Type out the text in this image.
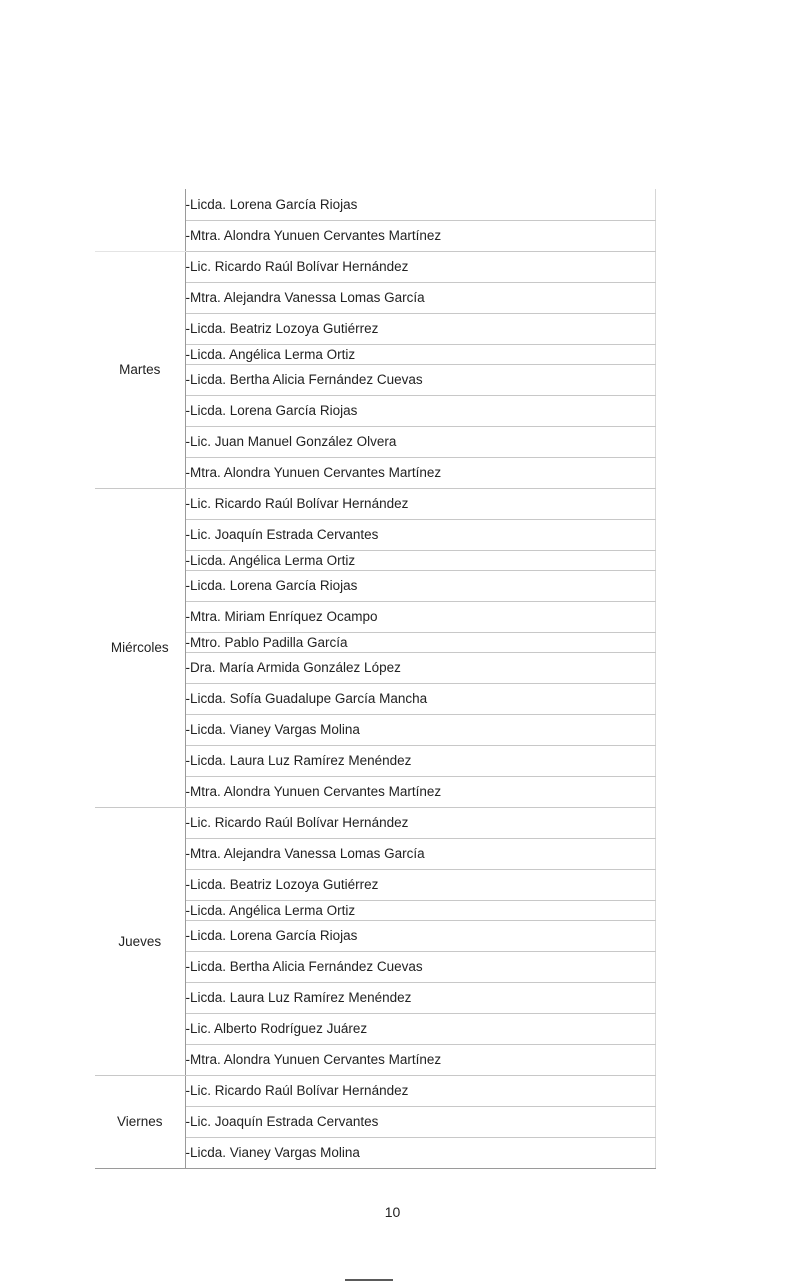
	-Licda. Lorena García Riojas
	-Mtra. Alondra Yunuen Cervantes Martínez
Martes	-Lic. Ricardo Raúl Bolívar Hernández
	-Mtra. Alejandra Vanessa Lomas García
	-Licda. Beatriz Lozoya Gutiérrez
	-Licda. Angélica Lerma Ortiz
	-Licda. Bertha Alicia Fernández Cuevas
	-Licda. Lorena García Riojas
	-Lic. Juan Manuel González Olvera
	-Mtra. Alondra Yunuen Cervantes Martínez
Miércoles	-Lic. Ricardo Raúl Bolívar Hernández
	-Lic. Joaquín Estrada Cervantes
	-Licda. Angélica Lerma Ortiz
	-Licda. Lorena García Riojas
	-Mtra. Miriam Enríquez Ocampo
	-Mtro. Pablo Padilla García
	-Dra. María Armida González López
	-Licda. Sofía Guadalupe García Mancha
	-Licda. Vianey Vargas Molina
	-Licda. Laura Luz Ramírez Menéndez
	-Mtra. Alondra Yunuen Cervantes Martínez
Jueves	-Lic. Ricardo Raúl Bolívar Hernández
	-Mtra. Alejandra Vanessa Lomas García
	-Licda. Beatriz Lozoya Gutiérrez
	-Licda. Angélica Lerma Ortiz
	-Licda. Lorena García Riojas
	-Licda. Bertha Alicia Fernández Cuevas
	-Licda. Laura Luz Ramírez Menéndez
	-Lic. Alberto Rodríguez Juárez
	-Mtra. Alondra Yunuen Cervantes Martínez
Viernes	-Lic. Ricardo Raúl Bolívar Hernández
	-Lic. Joaquín Estrada Cervantes
	-Licda. Vianey Vargas Molina
10
